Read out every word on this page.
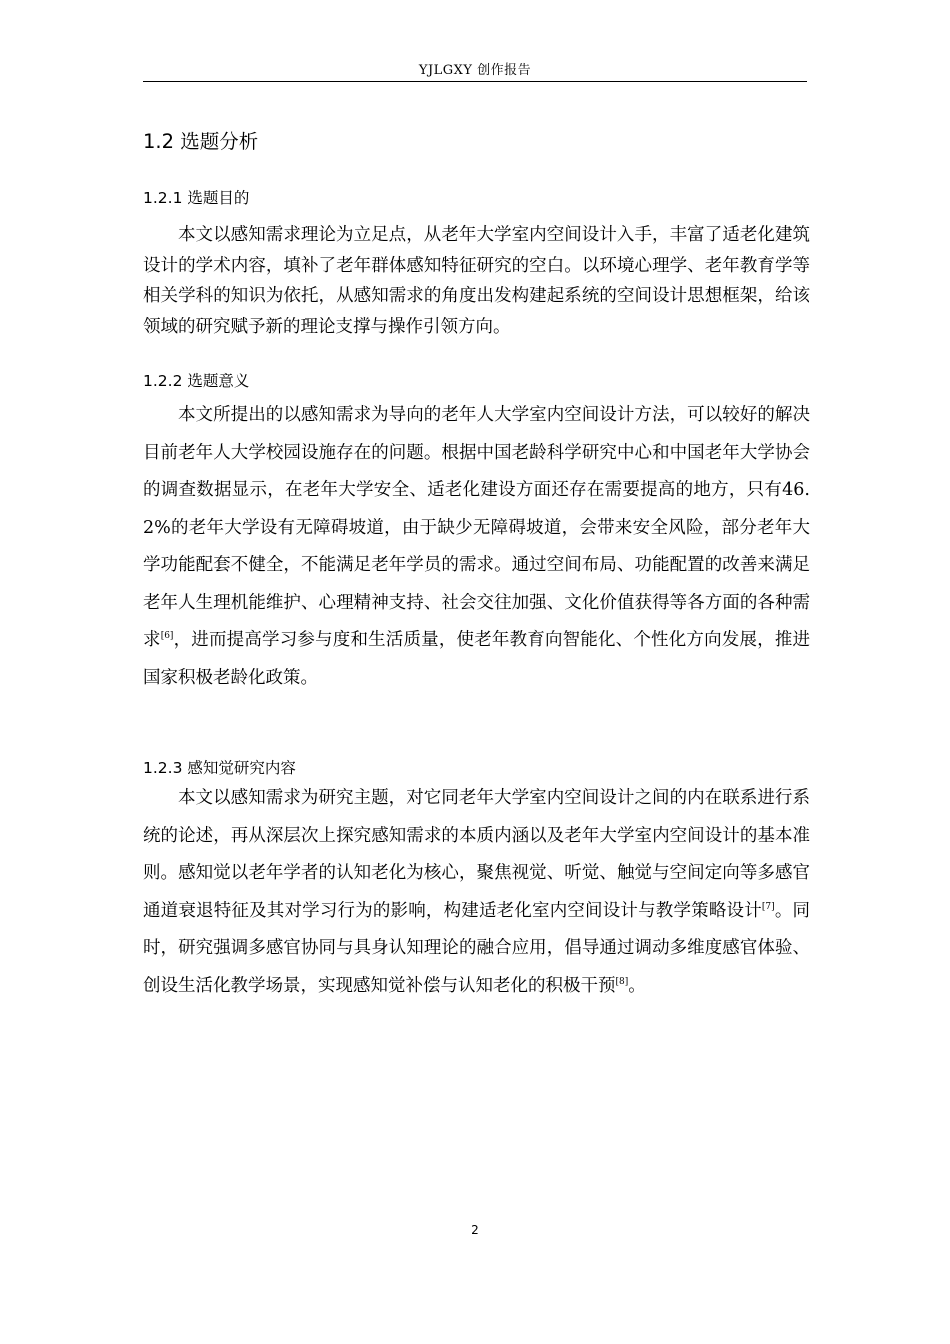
YJLGXY 创作报告
1.2 选题分析
1.2.1 选题目的

本文以感知需求理论为立足点，从老年大学室内空间设计入手，丰富了适老化建筑设计的学术内容，填补了老年群体感知特征研究的空白。以环境心理学、老年教育学等相关学科的知识为依托，从感知需求的角度出发构建起系统的空间设计思想框架，给该领域的研究赋予新的理论支撑与操作引领方向。

1.2.2 选题意义

本文所提出的以感知需求为导向的老年人大学室内空间设计方法，可以较好的解决目前老年人大学校园设施存在的问题。根据中国老龄科学研究中心和中国老年大学协会的调查数据显示，在老年大学安全、适老化建设方面还存在需要提高的地方，只有46.2%的老年大学设有无障碍坡道，由于缺少无障碍坡道，会带来安全风险，部分老年大学功能配套不健全，不能满足老年学员的需求。通过空间布局、功能配置的改善来满足老年人生理机能维护、心理精神支持、社会交往加强、文化价值获得等各方面的各种需求[6]，进而提高学习参与度和生活质量，使老年教育向智能化、个性化方向发展，推进国家积极老龄化政策。

1.2.3 感知觉研究内容

本文以感知需求为研究主题，对它同老年大学室内空间设计之间的内在联系进行系统的论述，再从深层次上探究感知需求的本质内涵以及老年大学室内空间设计的基本准则。感知觉以老年学者的认知老化为核心，聚焦视觉、听觉、触觉与空间定向等多感官通道衰退特征及其对学习行为的影响，构建适老化室内空间设计与教学策略设计[7]。同时，研究强调多感官协同与具身认知理论的融合应用，倡导通过调动多维度感官体验、创设生活化教学场景，实现感知觉补偿与认知老化的积极干预[8]。

2
